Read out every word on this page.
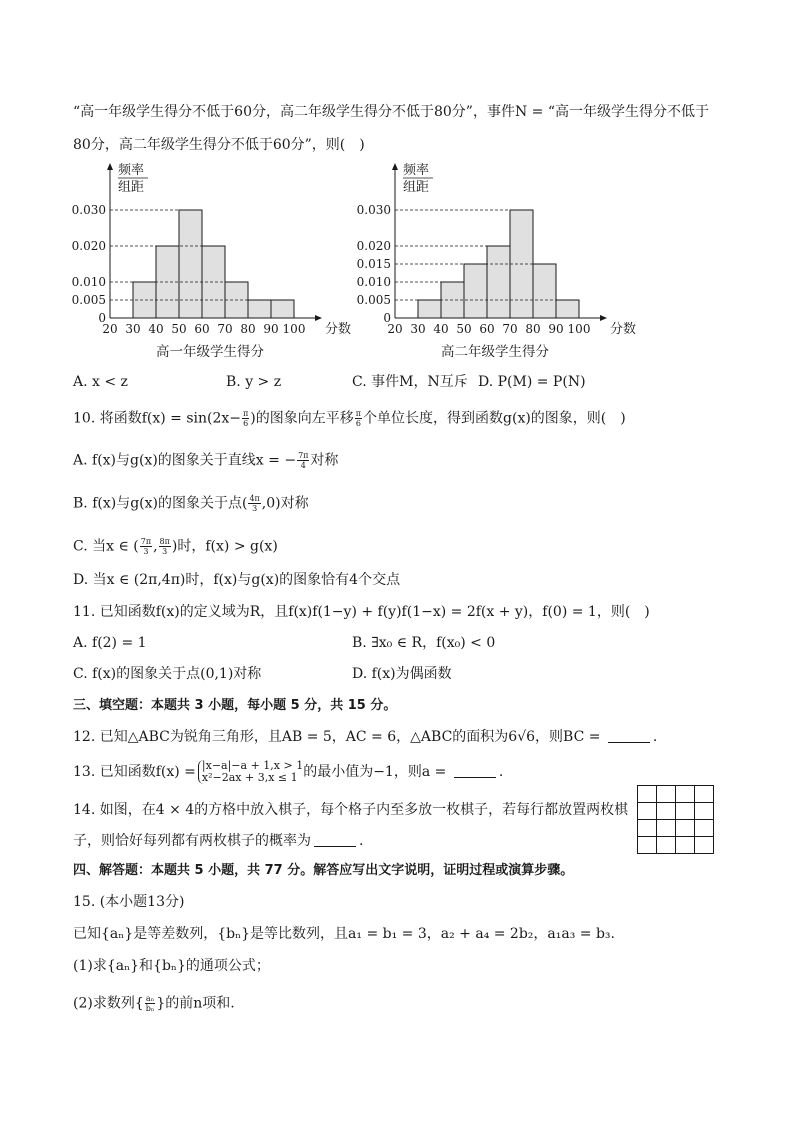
“高一年级学生得分不低于60分，高二年级学生得分不低于80分”，事件N = “高一年级学生得分不低于
80分，高二年级学生得分不低于60分”，则(　)
0.030
0.020
0.010
0.005
0
20 30 40 50 60 70 80 90 100 分数
频率
组距
高一年级学生得分
0.030
0.020
0.015
0.010
0.005
0
20 30 40 50 60 70 80 90 100 分数
频率
组距
高二年级学生得分
A. x < z	B. y > z	C. 事件M，N互斥 D. P(M) = P(N)
10. 将函数$f(x) = \sin(2x- \frac{\pi}{6}$ )的图象向左平移 $\frac{\pi}{6}$ 个单位长度，得到函数g(x)的图象，则(　)
A. f(x)与g(x)的图象关于直线x = − $\frac{7\pi}{4}$ 对称
B. f(x)与g(x)的图象关于点( $\frac{4\pi}{3} ,0$)对称
C. 当x ∈ ( $\frac{7\pi}{3}$ , $\frac{8\pi}{3}$ )时，f(x) > g(x)
D. 当x ∈ (2π,4π)时，f(x)与g(x)的图象恰有4个交点
11. 已知函数f(x)的定义域为R，且f(x)f(1−y) + f(y)f(1−x) = 2f(x + y)，f(0) = 1，则(　)
A. f(2) = 1	B. ∃x₀ ∈ R，f(x₀) < 0
C. f(x)的图象关于点(0,1)对称	D. f(x)为偶函数
三、填空题：本题共 3 小题，每小题 5 分，共 15 分。
12. 已知△ABC为锐角三角形，且AB = 5，AC = 6，△ABC的面积为6√6，则BC =	.
13. 已知函数f(x) = |x−a|−a + 1,x > 1
x²−2ax + 3,x ≤ 1 的最小值为−1，则a =	.
14. 如图，在4 × 4的方格中放入棋子，每个格子内至多放一枚棋子，若每行都放置两枚棋
子，则恰好每列都有两枚棋子的概率为	.

四、解答题：本题共 5 小题，共 77 分。解答应写出文字说明，证明过程或演算步骤。
15. (本小题13分)
已知{aₙ}是等差数列，{bₙ}是等比数列，且a₁ = b₁ = 3，a₂ + a₄ = 2b₂，a₁a₃ = b₃.
(1)求{aₙ}和{bₙ}的通项公式；
(2)求数列{ $\frac{\text{aₙ}}{\text{bₙ}}$ }的前n项和.
